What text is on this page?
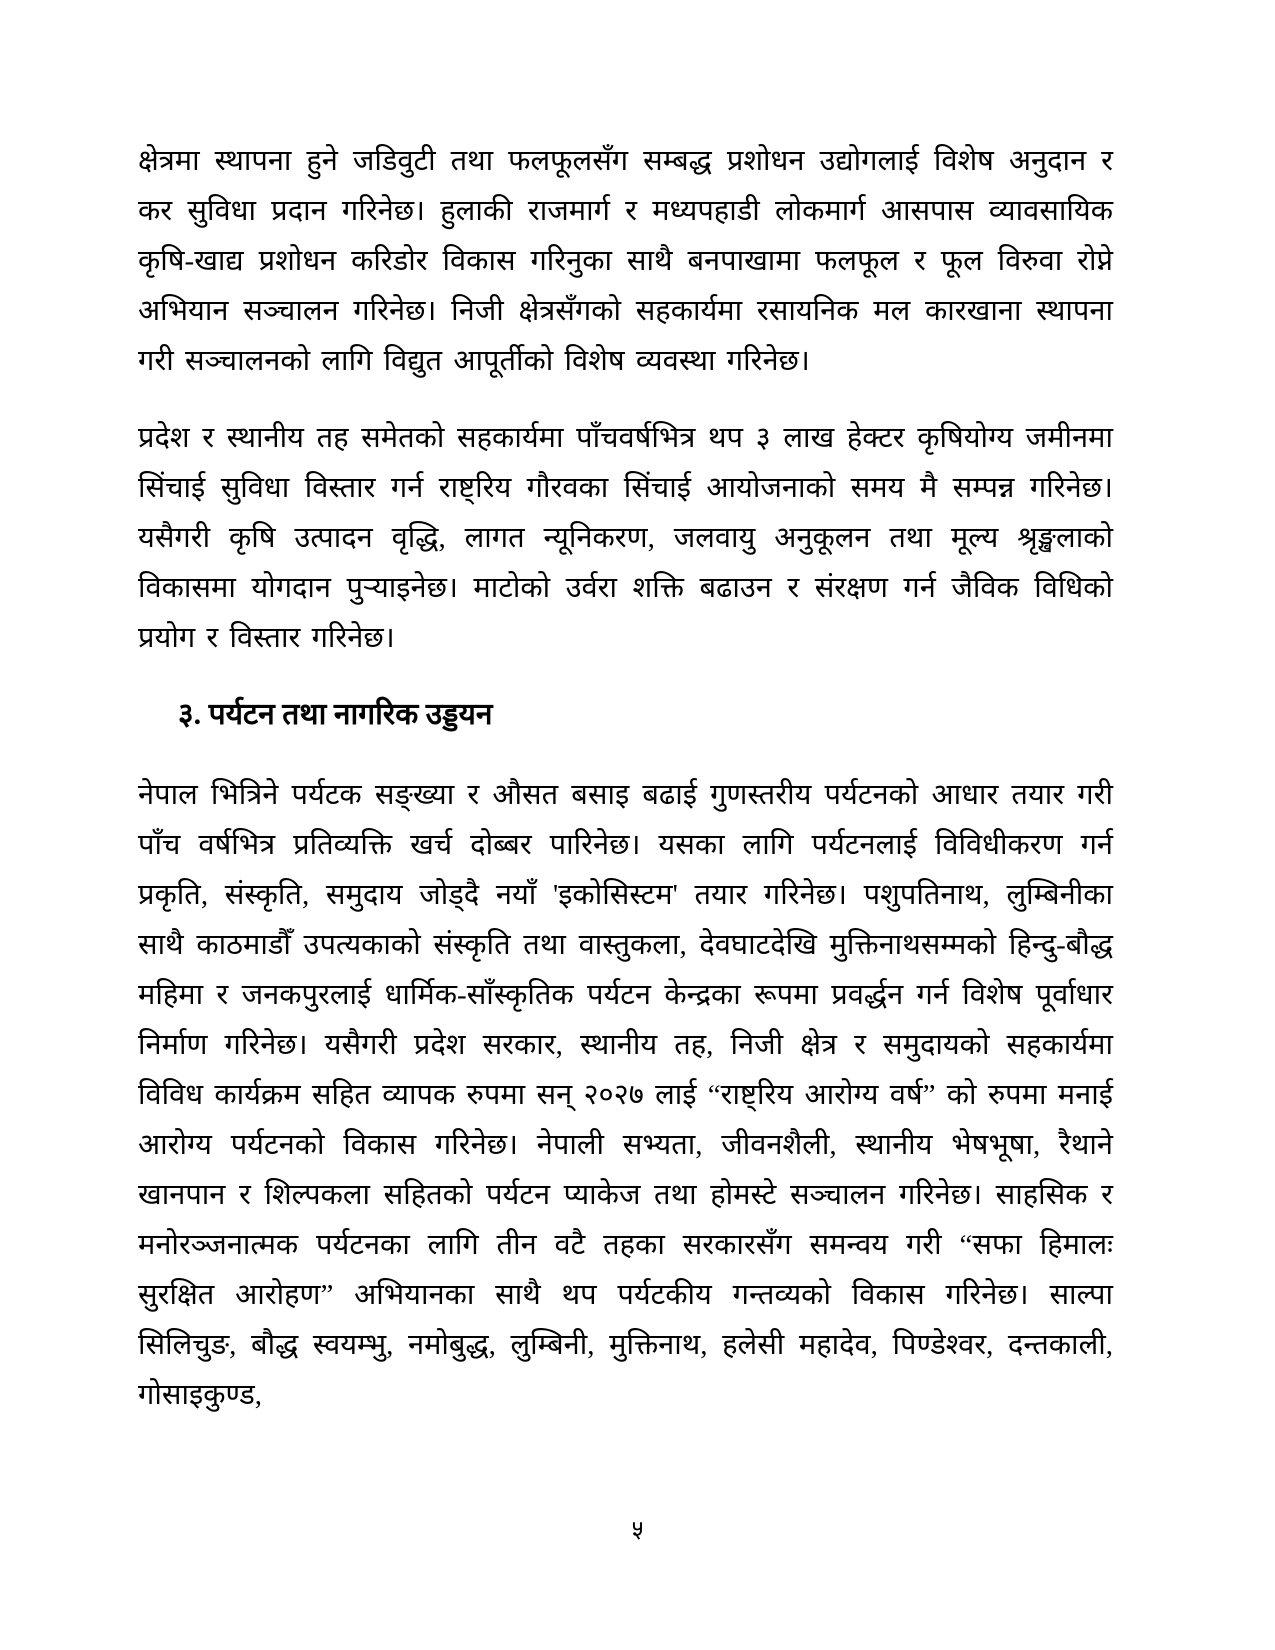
क्षेत्रमा स्थापना हुने जडिवुटी तथा फलफूलसँग सम्बद्ध प्रशोधन उद्योगलाई विशेष अनुदान र कर सुविधा प्रदान गरिनेछ। हुलाकी राजमार्ग र मध्यपहाडी लोकमार्ग आसपास व्यावसायिक कृषि-खाद्य प्रशोधन करिडोर विकास गरिनुका साथै बनपाखामा फलफूल र फूल विरुवा रोप्ने अभियान सञ्चालन गरिनेछ। निजी क्षेत्रसँगको सहकार्यमा रसायनिक मल कारखाना स्थापना गरी सञ्चालनको लागि विद्युत आपूर्तीको विशेष व्यवस्था गरिनेछ।

प्रदेश र स्थानीय तह समेतको सहकार्यमा पाँचवर्षभित्र थप ३ लाख हेक्टर कृषियोग्य जमीनमा सिंचाई सुविधा विस्तार गर्न राष्ट्रिय गौरवका सिंचाई आयोजनाको समय मै सम्पन्न गरिनेछ। यसैगरी कृषि उत्पादन वृद्धि, लागत न्यूनिकरण, जलवायु अनुकूलन तथा मूल्य श्रृङ्खलाको विकासमा योगदान पुऱ्याइनेछ। माटोको उर्वरा शक्ति बढाउन र संरक्षण गर्न जैविक विधिको प्रयोग र विस्तार गरिनेछ।

३. पर्यटन तथा नागरिक उड्डयन

नेपाल भित्रिने पर्यटक सङ्ख्या र औसत बसाइ बढाई गुणस्तरीय पर्यटनको आधार तयार गरी पाँच वर्षभित्र प्रतिव्यक्ति खर्च दोब्बर पारिनेछ। यसका लागि पर्यटनलाई विविधीकरण गर्न प्रकृति, संस्कृति, समुदाय जोड्दै नयाँ 'इकोसिस्टम' तयार गरिनेछ। पशुपतिनाथ, लुम्बिनीका साथै काठमाडौँ उपत्यकाको संस्कृति तथा वास्तुकला, देवघाटदेखि मुक्तिनाथसम्मको हिन्दु-बौद्ध महिमा र जनकपुरलाई धार्मिक-साँस्कृतिक पर्यटन केन्द्रका रूपमा प्रवर्द्धन गर्न विशेष पूर्वाधार निर्माण गरिनेछ। यसैगरी प्रदेश सरकार, स्थानीय तह, निजी क्षेत्र र समुदायको सहकार्यमा विविध कार्यक्रम सहित व्यापक रुपमा सन् २०२७ लाई “राष्ट्रिय आरोग्य वर्ष” को रुपमा मनाई आरोग्य पर्यटनको विकास गरिनेछ। नेपाली सभ्यता, जीवनशैली, स्थानीय भेषभूषा, रैथाने खानपान र शिल्पकला सहितको पर्यटन प्याकेज तथा होमस्टे सञ्चालन गरिनेछ। साहसिक र मनोरञ्जनात्मक पर्यटनका लागि तीन वटै तहका सरकारसँग समन्वय गरी “सफा हिमालः सुरक्षित आरोहण” अभियानका साथै थप पर्यटकीय गन्तव्यको विकास गरिनेछ। साल्पा सिलिचुङ, बौद्ध स्वयम्भु, नमोबुद्ध, लुम्बिनी, मुक्तिनाथ, हलेसी महादेव, पिण्डेश्वर, दन्तकाली, गोसाइकुण्ड,

५
